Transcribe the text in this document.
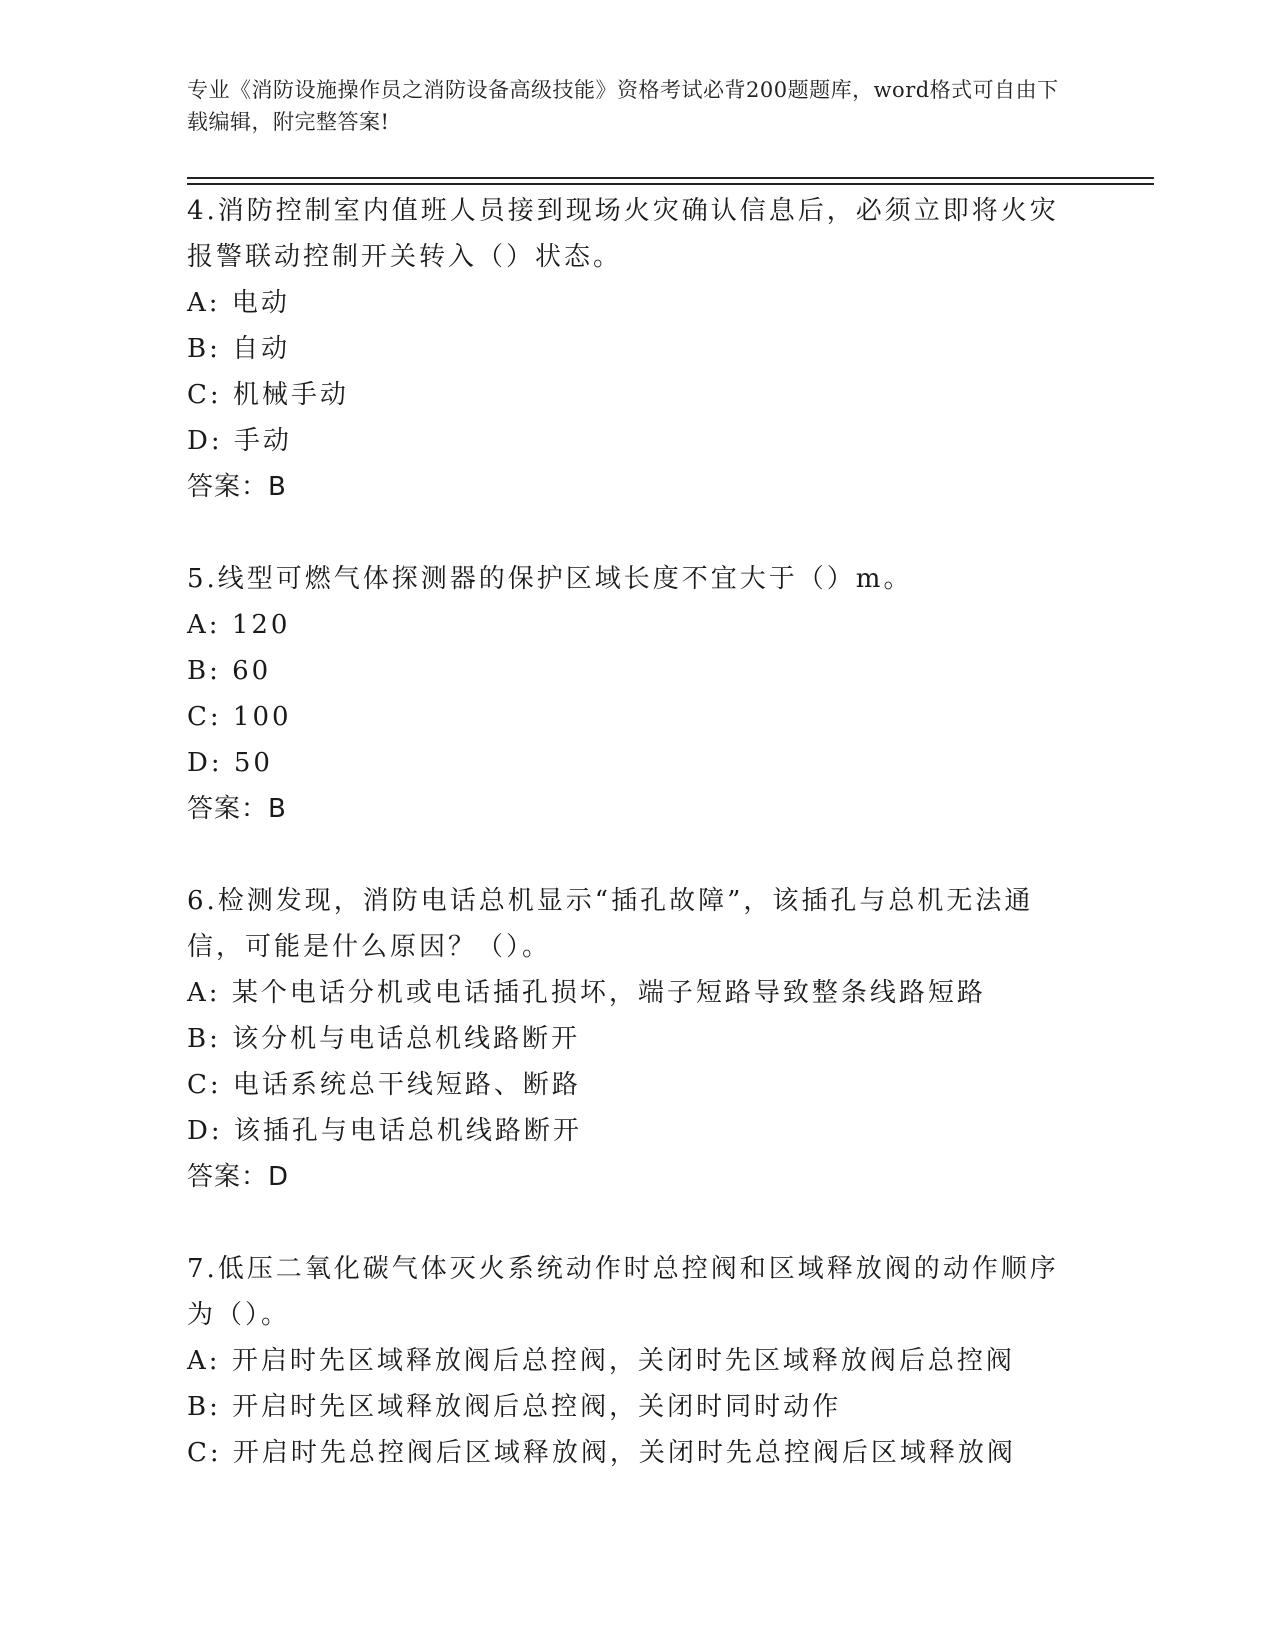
专业《消防设施操作员之消防设备高级技能》资格考试必背200题题库，word格式可自由下载编辑，附完整答案!

4.消防控制室内值班人员接到现场火灾确认信息后，必须立即将火灾报警联动控制开关转入（）状态。

A: 电动
B: 自动
C: 机械手动
D: 手动
答案：B

5.线型可燃气体探测器的保护区域长度不宜大于（）m。

A: 120
B: 60
C: 100
D: 50
答案：B

6.检测发现，消防电话总机显示“插孔故障”，该插孔与总机无法通信，可能是什么原因？（）。

A: 某个电话分机或电话插孔损坏，端子短路导致整条线路短路
B: 该分机与电话总机线路断开
C: 电话系统总干线短路、断路
D: 该插孔与电话总机线路断开
答案：D

7.低压二氧化碳气体灭火系统动作时总控阀和区域释放阀的动作顺序为（）。

A: 开启时先区域释放阀后总控阀，关闭时先区域释放阀后总控阀
B: 开启时先区域释放阀后总控阀，关闭时同时动作
C: 开启时先总控阀后区域释放阀，关闭时先总控阀后区域释放阀
